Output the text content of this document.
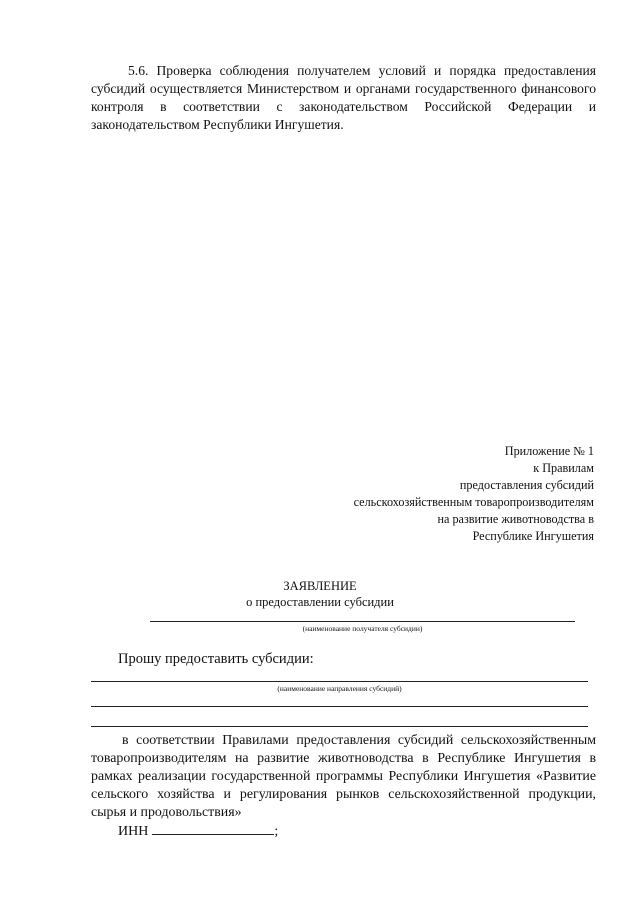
5.6. Проверка соблюдения получателем условий и порядка предоставления субсидий осуществляется Министерством и органами государственного финансового контроля в соответствии с законодательством Российской Федерации и законодательством Республики Ингушетия.
Приложение № 1
к Правилам
предоставления субсидий
сельскохозяйственным товаропроизводителям
на развитие животноводства в
Республике Ингушетия
ЗАЯВЛЕНИЕ
о предоставлении субсидии
(наименование получателя субсидии)
Прошу предоставить субсидии:
(наименование направления субсидий)
в соответствии Правилами предоставления субсидий сельскохозяйственным товаропроизводителям на развитие животноводства в Республике Ингушетия в рамках реализации государственной программы Республики Ингушетия «Развитие сельского хозяйства и регулирования рынков сельскохозяйственной продукции, сырья и продовольствия»
ИНН	;
